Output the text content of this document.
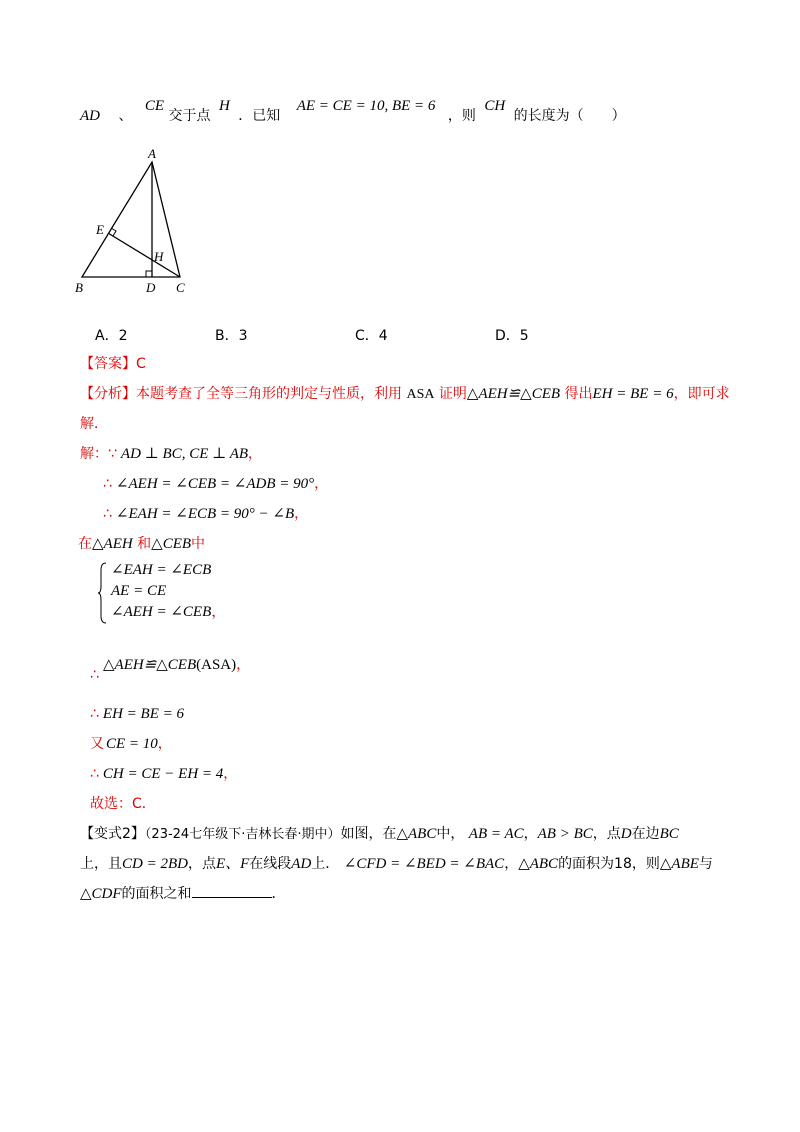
AD 、 CE 交于点 H ．已知 AE = CE = 10, BE = 6 ，则 CH 的长度为（　　）
A
B	C
D
E
H
A．2	B．3	C．4	D．5
【答案】C
【分析】本题考查了全等三角形的判定与性质，利用 ASA 证明△AEH≌△CEB 得出EH = BE = 6，即可求
解．
解：∵ AD ⊥ BC, CE ⊥ AB，
∴ ∠AEH = ∠CEB = ∠ADB = 90°，
∴ ∠EAH = ∠ECB = 90° − ∠B，
在△AEH 和△CEB中
∠EAH = ∠ECB
AE = CE
∠AEH = ∠CEB，
△AEH≌△CEB(ASA)，
∴
∴ EH = BE = 6
又 CE = 10，
∴ CH = CE − EH = 4，
故选：C．
【变式2】（23-24七年级下·吉林长春·期中）如图，在△ABC中， AB = AC，AB > BC，点D在边BC
上，且CD = 2BD，点E、F在线段AD上． ∠CFD = ∠BED = ∠BAC，△ABC的面积为18，则△ABE与
△CDF的面积之和	．
